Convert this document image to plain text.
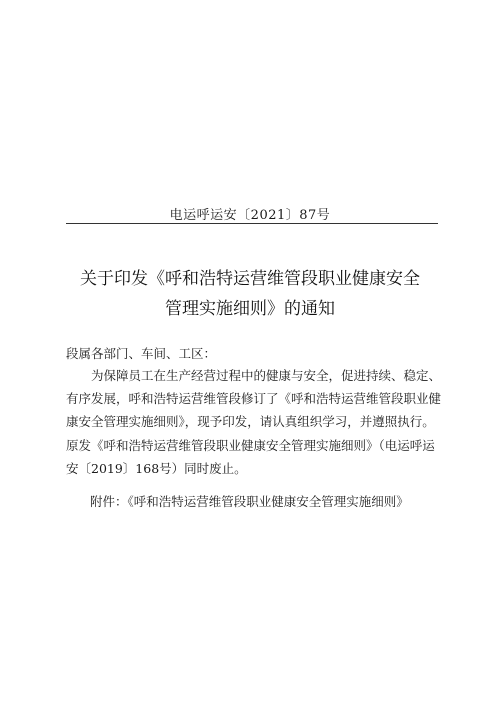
电运呼运安〔2021〕87号
关于印发《呼和浩特运营维管段职业健康安全
管理实施细则》的通知
段属各部门、车间、工区：
为保障员工在生产经营过程中的健康与安全，促进持续、稳定、
有序发展，呼和浩特运营维管段修订了《呼和浩特运营维管段职业健
康安全管理实施细则》，现予印发，请认真组织学习，并遵照执行。
原发《呼和浩特运营维管段职业健康安全管理实施细则》（电运呼运
安〔2019〕168号）同时废止。
附件：《呼和浩特运营维管段职业健康安全管理实施细则》
